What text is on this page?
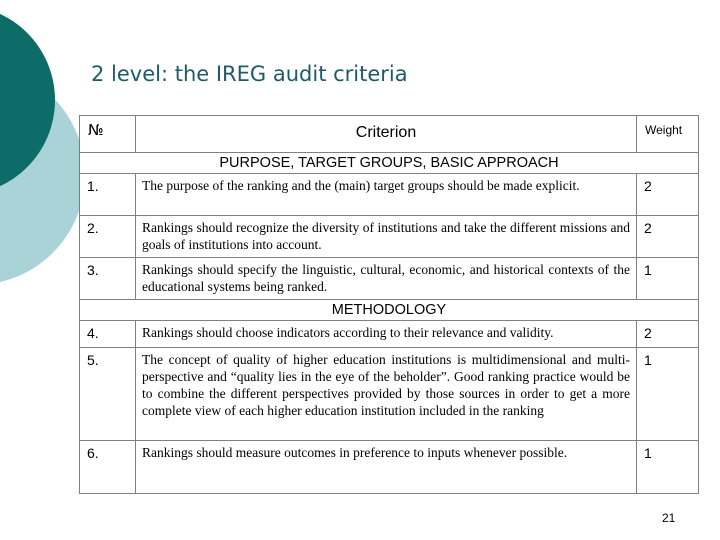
2 level: the IREG audit criteria
№	Criterion	Weight
PURPOSE, TARGET GROUPS, BASIC APPROACH		
1.	The purpose of the ranking and the (main) target groups should be made explicit.	2
2.	Rankings should recognize the diversity of institutions and take the different missions and goals of institutions into account.	2
3.	Rankings should specify the linguistic, cultural, economic, and historical contexts of the educational systems being ranked.	1
METHODOLOGY		
4.	Rankings should choose indicators according to their relevance and validity.	2
5.	The concept of quality of higher education institutions is multidimensional and multi-perspective and “quality lies in the eye of the beholder”. Good ranking practice would be to combine the different perspectives provided by those sources in order to get a more complete view of each higher education institution included in the ranking	1
6.	Rankings should measure outcomes in preference to inputs whenever possible.	1
21
